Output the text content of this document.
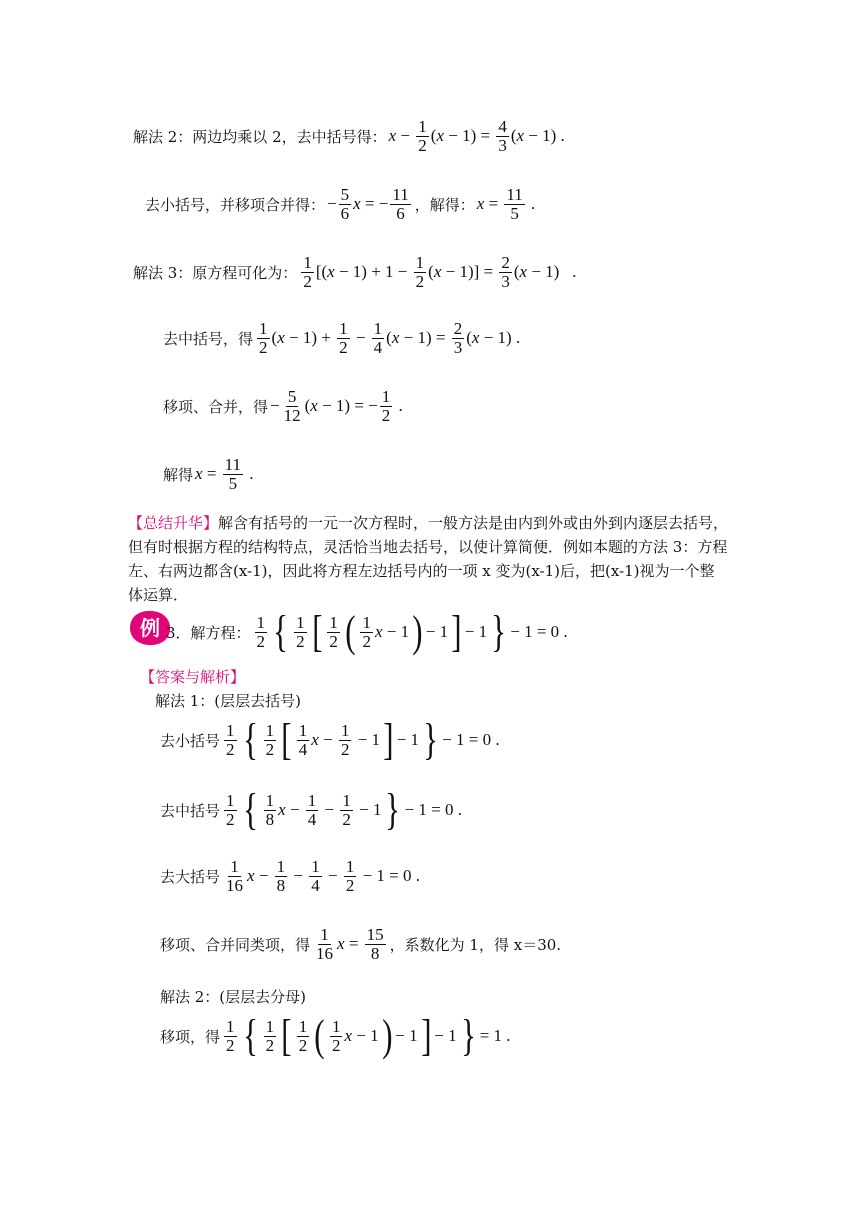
解法 2：两边均乘以 2，去中括号得： $x - \frac{1}{2}$ ( $x - 1) = \frac{4}{3}$ ( x − 1) .
去小括号，并移项合并得： − $\frac{5}{6}$ x = − $\frac{11}{6}$ ，解得： $x = \frac{11}{5}$ .
解法 3：原方程可化为： $\frac{1}{2}$ [( $x - 1) + 1 - \frac{1}{2}$ ( $x - 1)] = \frac{2}{3}$ ( x − 1)   .
去中括号，得 $\frac{1}{2}$ ( $x - 1) + \frac{1}{2} - \frac{1}{4}$ ( $x - 1) = \frac{2}{3}$ ( x − 1) .
移项、合并，得 − $\frac{5}{12}$ ( x − 1) = − $\frac{1}{2}$ .
解得 $x = \frac{11}{5}$ .
【总结升华】 解含有括号的一元一次方程时，一般方法是由内到外或由外到内逐层去括号，
但有时根据方程的结构特点，灵活恰当地去括号，以使计算简便．例如本题的方法 3：方程
左、右两边都含(x-1)，因此将方程左边括号内的一项 x 变为(x-1)后，把(x-1)视为一个整
体运算．
例 3．解方程： $\frac{1}{2}$ { $\frac{1}{2}$ [ $\frac{1}{2}$ ( $\frac{1}{2}$ x − 1 ) − 1 ] − 1 } − 1 = 0 .
【答案与解析】
解法 1：(层层去括号)
去小括号 $\frac{1}{2}$ { $\frac{1}{2}$ [ $\frac{1}{4}$ $x - \frac{1}{2} - 1$ ] − 1 } − 1 = 0 .
去中括号 $\frac{1}{2}$ { $\frac{1}{8}$ $x - \frac{1}{4} - \frac{1}{2} - 1$ } − 1 = 0 .
去大括号 $\frac{1}{16}$ $x - \frac{1}{8} - \frac{1}{4} - \frac{1}{2} - 1 = 0$ .
移项、合并同类项，得 $\frac{1}{16}$ $x = \frac{15}{8}$ ，系数化为 1，得 x＝30.
解法 2：(层层去分母)
移项，得 $\frac{1}{2}$ { $\frac{1}{2}$ [ $\frac{1}{2}$ ( $\frac{1}{2}$ x − 1 ) − 1 ] − 1 } = 1 .
